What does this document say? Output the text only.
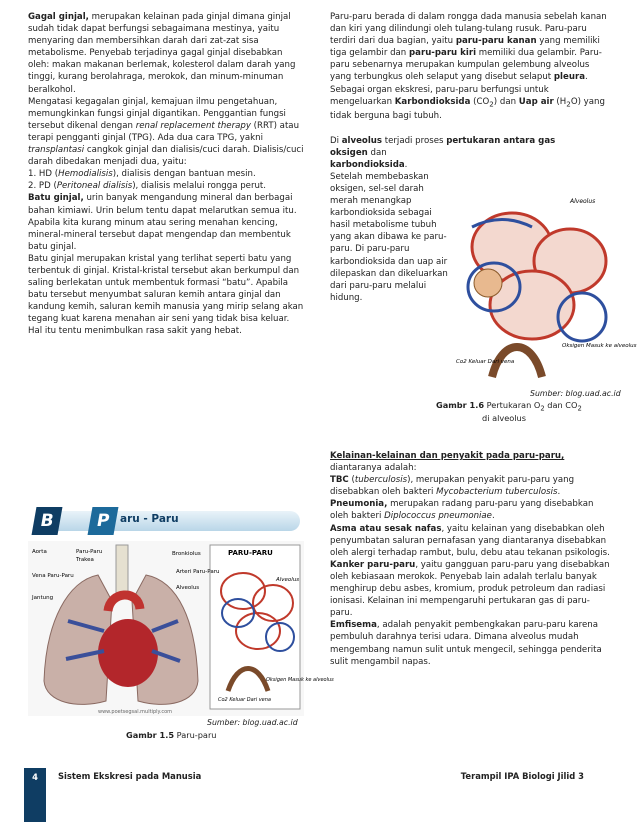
Gagal ginjal, merupakan kelainan pada ginjal dimana ginjal sudah tidak dapat berfungsi sebagaimana mestinya, yaitu menyaring dan membersihkan darah dari zat-zat sisa metabolisme. Penyebab terjadinya gagal ginjal disebabkan oleh: makan makanan berlemak, kolesterol dalam darah yang tinggi, kurang berolahraga, merokok, dan minum-minuman beralkohol.

Mengatasi kegagalan ginjal, kemajuan ilmu pengetahuan, memungkinkan fungsi ginjal digantikan. Penggantian fungsi tersebut dikenal dengan renal replacement therapy (RRT) atau terapi pengganti ginjal (TPG). Ada dua cara TPG, yakni transplantasi cangkok ginjal dan dialisis/cuci darah. Dialisis/cuci darah dibedakan menjadi dua, yaitu:

1. HD (Hemodialisis), dialisis dengan bantuan mesin.

2. PD (Peritoneal dialisis), dialisis melalui rongga perut.

Batu ginjal, urin banyak mengandung mineral dan berbagai bahan kimiawi. Urin belum tentu dapat melarutkan semua itu. Apabila kita kurang minum atau sering menahan kencing, mineral-mineral tersebut dapat mengendap dan membentuk batu ginjal.

Batu ginjal merupakan kristal yang terlihat seperti batu yang terbentuk di ginjal. Kristal-kristal tersebut akan berkumpul dan saling berlekatan untuk membentuk formasi “batu”. Apabila batu tersebut menyumbat saluran kemih antara ginjal dan kandung kemih, saluran kemih manusia yang mirip selang akan tegang kuat karena menahan air seni yang tidak bisa keluar. Hal itu tentu menimbulkan rasa sakit yang hebat.

B	P aru - Paru
Aorta	Paru-Paru
Trakea
Vena Paru-Paru
Jantung
Bronkiolus
Arteri Paru-Paru
Alveolus
PARU-PARU
Alveolus
Co2 Keluar Dari vena
Oksigen Masuk ke alveolus
www.poetsegsal.multiply.com
Sumber: blog.uad.ac.id
Gambr 1.5 Paru-paru

Paru-paru berada di dalam rongga dada manusia sebelah kanan dan kiri yang dilindungi oleh tulang-tulang rusuk. Paru-paru terdiri dari dua bagian, yaitu paru-paru kanan yang memiliki tiga gelambir dan paru-paru kiri memiliki dua gelambir. Paru-paru sebenarnya merupakan kumpulan gelembung alveolus yang terbungkus oleh selaput yang disebut selaput pleura. Sebagai organ ekskresi, paru-paru berfungsi untuk mengeluarkan Karbondioksida $(CO_2)$ dan Uap air $(H_2O)$ yang tidak berguna bagi tubuh.

Di alveolus terjadi proses pertukaran antara gas oksigen dan
karbondioksida.

Setelah membebaskan oksigen, sel-sel darah merah menangkap karbondioksida sebagai hasil metabolisme tubuh yang akan dibawa ke paru-paru. Di paru-paru karbondioksida dan uap air dilepaskan dan dikeluarkan dari paru-paru melalui hidung.

Alveolus
Co2 Keluar Dari vena
Oksigen Masuk ke alveolus
Sumber: blog.uad.ac.id
Gambr 1.6 Pertukaran $O_2$ dan $CO_2$
di alveolus

Kelainan-kelainan dan penyakit pada paru-paru,

diantaranya adalah:

TBC (tuberculosis), merupakan penyakit paru-paru yang disebabkan oleh bakteri Mycobacterium tuberculosis.

Pneumonia, merupakan radang paru-paru yang disebabkan oleh bakteri Diplococcus pneumoniae.

Asma atau sesak nafas, yaitu kelainan yang disebabkan oleh penyumbatan saluran pernafasan yang diantaranya disebabkan oleh alergi terhadap rambut, bulu, debu atau tekanan psikologis.

Kanker paru-paru, yaitu gangguan paru-paru yang disebabkan oleh kebiasaan merokok. Penyebab lain adalah terlalu banyak menghirup debu asbes, kromium, produk petroleum dan radiasi ionisasi. Kelainan ini mempengaruhi pertukaran gas di paru-paru.

Emfisema, adalah penyakit pembengkakan paru-paru karena pembuluh darahnya terisi udara. Dimana alveolus mudah mengembang namun sulit untuk mengecil, sehingga penderita sulit mengambil napas.

4	Sistem Ekskresi pada Manusia	Terampil IPA Biologi Jilid 3
